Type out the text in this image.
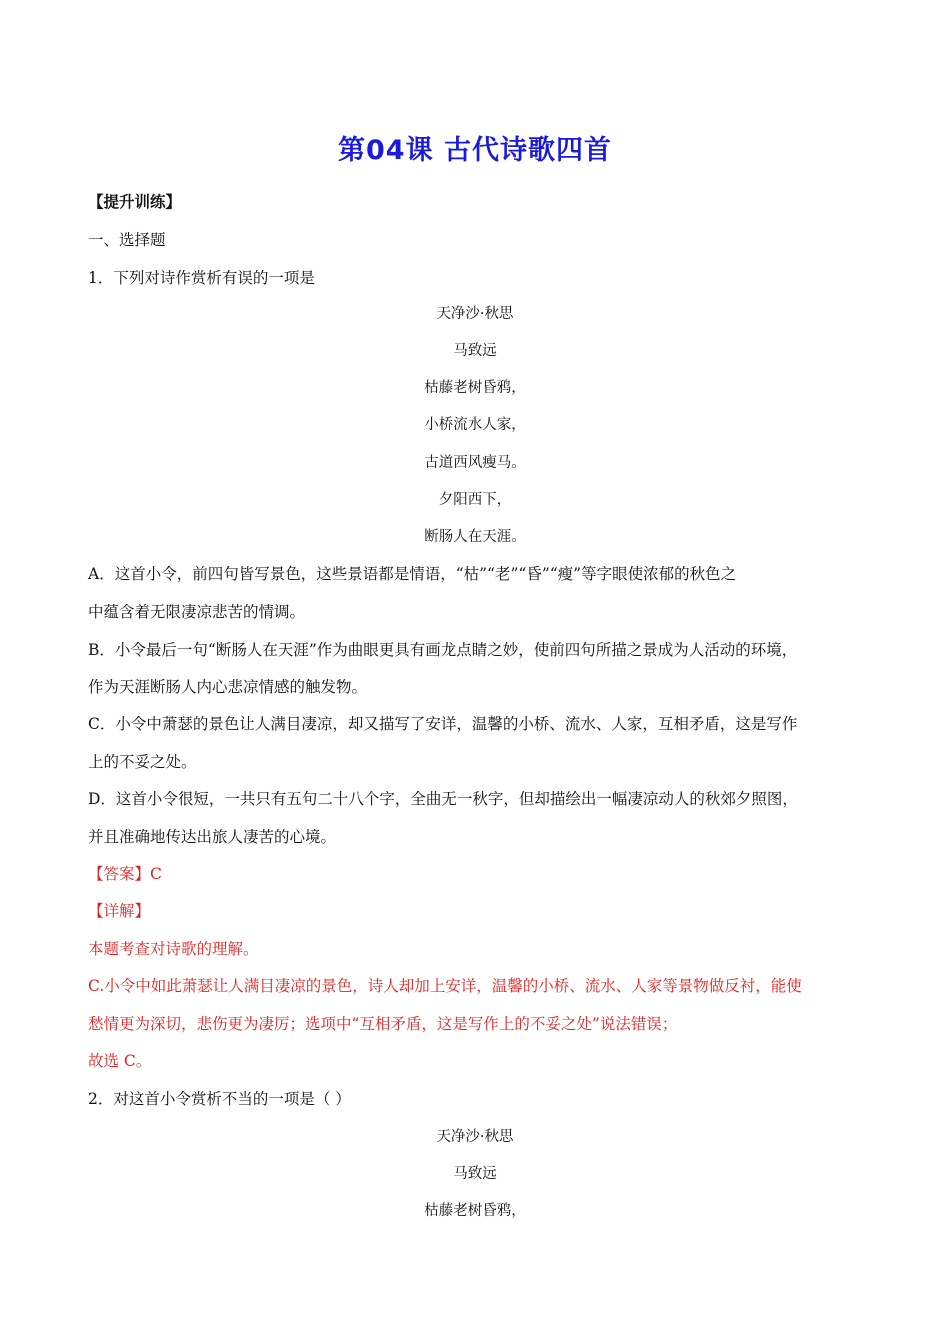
第04课 古代诗歌四首
【提升训练】
一、选择题
1．下列对诗作赏析有误的一项是
天净沙·秋思
马致远
枯藤老树昏鸦，
小桥流水人家，
古道西风瘦马。
夕阳西下，
断肠人在天涯。
A．这首小令，前四句皆写景色，这些景语都是情语，“枯”“老”“昏”“瘦”等字眼使浓郁的秋色之
中蕴含着无限凄凉悲苦的情调。
B．小令最后一句“断肠人在天涯”作为曲眼更具有画龙点睛之妙，使前四句所描之景成为人活动的环境，
作为天涯断肠人内心悲凉情感的触发物。
C．小令中萧瑟的景色让人满目凄凉，却又描写了安详，温馨的小桥、流水、人家，互相矛盾，这是写作
上的不妥之处。
D．这首小令很短，一共只有五句二十八个字，全曲无一秋字，但却描绘出一幅凄凉动人的秋郊夕照图，
并且准确地传达出旅人凄苦的心境。
【答案】C
【详解】
本题考查对诗歌的理解。
C.小令中如此萧瑟让人满目凄凉的景色，诗人却加上安详，温馨的小桥、流水、人家等景物做反衬，能使
愁情更为深切，悲伤更为凄厉；选项中“互相矛盾，这是写作上的不妥之处”说法错误；
故选 C。
2．对这首小令赏析不当的一项是（ ）
天净沙·秋思
马致远
枯藤老树昏鸦，
